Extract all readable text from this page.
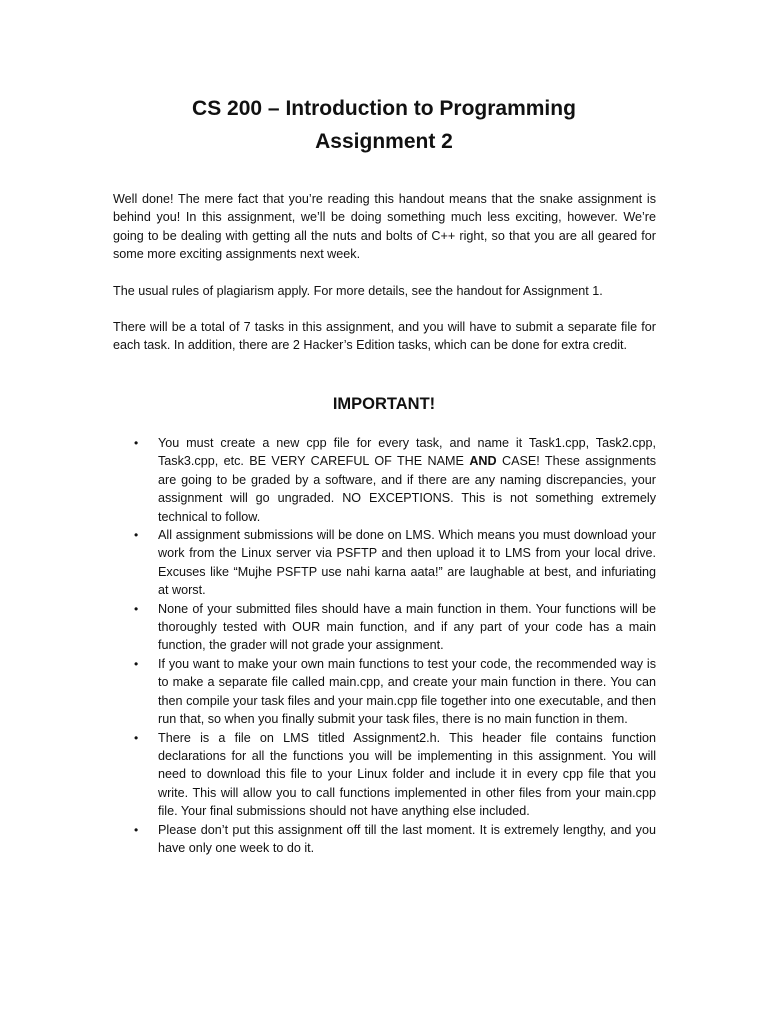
CS 200 – Introduction to Programming
Assignment 2

Well done! The mere fact that you’re reading this handout means that the snake assignment is behind you! In this assignment, we’ll be doing something much less exciting, however. We’re going to be dealing with getting all the nuts and bolts of C++ right, so that you are all geared for some more exciting assignments next week.

The usual rules of plagiarism apply. For more details, see the handout for Assignment 1.

There will be a total of 7 tasks in this assignment, and you will have to submit a separate file for each task. In addition, there are 2 Hacker’s Edition tasks, which can be done for extra credit.

IMPORTANT!
• You must create a new cpp file for every task, and name it Task1.cpp, Task2.cpp, Task3.cpp, etc. BE VERY CAREFUL OF THE NAME AND CASE! These assignments are going to be graded by a software, and if there are any naming discrepancies, your assignment will go ungraded. NO EXCEPTIONS. This is not something extremely technical to follow.
• All assignment submissions will be done on LMS. Which means you must download your work from the Linux server via PSFTP and then upload it to LMS from your local drive. Excuses like “Mujhe PSFTP use nahi karna aata!” are laughable at best, and infuriating at worst.
• None of your submitted files should have a main function in them. Your functions will be thoroughly tested with OUR main function, and if any part of your code has a main function, the grader will not grade your assignment.
• If you want to make your own main functions to test your code, the recommended way is to make a separate file called main.cpp, and create your main function in there. You can then compile your task files and your main.cpp file together into one executable, and then run that, so when you finally submit your task files, there is no main function in them.
• There is a file on LMS titled Assignment2.h. This header file contains function declarations for all the functions you will be implementing in this assignment. You will need to download this file to your Linux folder and include it in every cpp file that you write. This will allow you to call functions implemented in other files from your main.cpp file. Your final submissions should not have anything else included.
• Please don’t put this assignment off till the last moment. It is extremely lengthy, and you have only one week to do it.
